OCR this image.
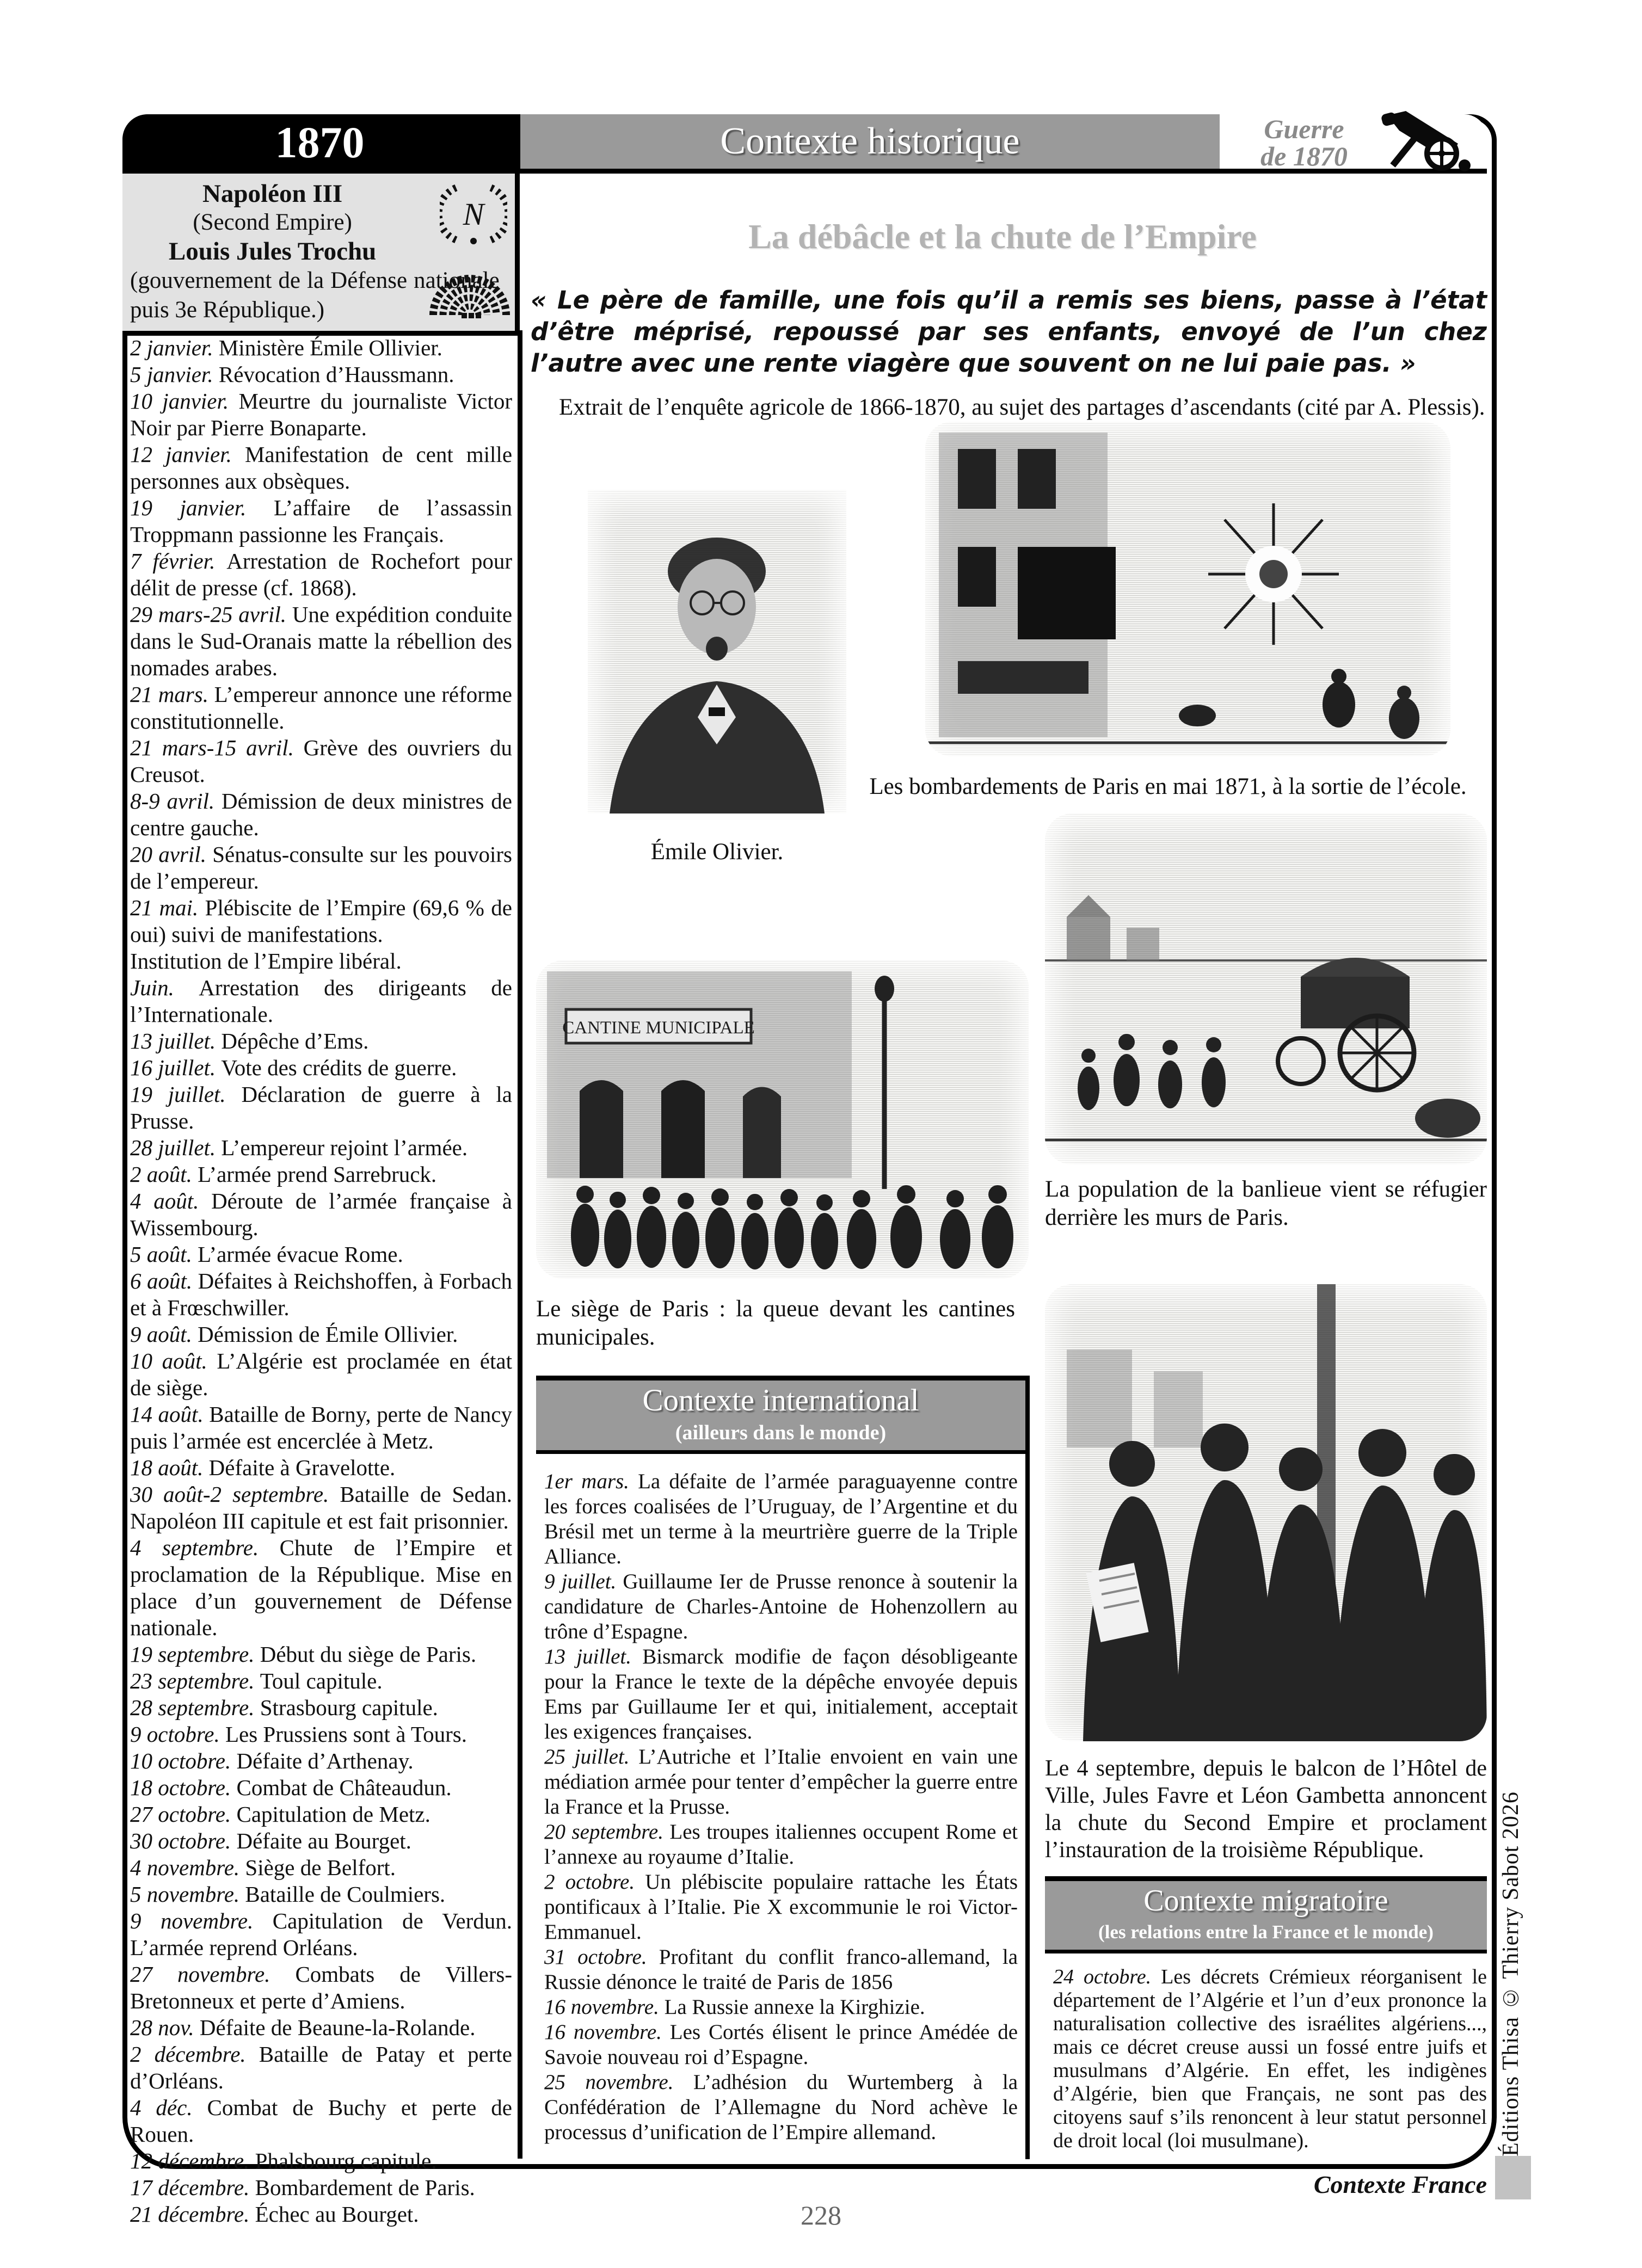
1870	Contexte historique	Guerre
de 1870
Napoléon III
(Second Empire)
Louis Jules Trochu
(gouvernement de la Défense nationale puis 3e République.)
N

2 janvier. Ministère Émile Ollivier.

5 janvier. Révocation d’Haussmann.

10 janvier. Meurtre du journaliste Victor Noir par Pierre Bonaparte.

12 janvier. Manifestation de cent mille personnes aux obsèques.

19 janvier. L’affaire de l’assassin Troppmann passionne les Français.

7 février. Arrestation de Rochefort pour délit de presse (cf. 1868).

29 mars-25 avril. Une expédition conduite dans le Sud-Oranais matte la rébellion des nomades arabes.

21 mars. L’empereur annonce une réforme constitutionnelle.

21 mars-15 avril. Grève des ouvriers du Creusot.

8-9 avril. Démission de deux ministres de centre gauche.

20 avril. Sénatus-consulte sur les pouvoirs de l’empereur.

21 mai. Plébiscite de l’Empire (69,6 % de oui) suivi de manifestations.

Institution de l’Empire libéral.

Juin. Arrestation des dirigeants de l’Internationale.

13 juillet. Dépêche d’Ems.

16 juillet. Vote des crédits de guerre.

19 juillet. Déclaration de guerre à la Prusse.

28 juillet. L’empereur rejoint l’armée.

2 août. L’armée prend Sarrebruck.

4 août. Déroute de l’armée française à Wissembourg.

5 août. L’armée évacue Rome.

6 août. Défaites à Reichshoffen, à Forbach et à Frœschwiller.

9 août. Démission de Émile Ollivier.

10 août. L’Algérie est proclamée en état de siège.

14 août. Bataille de Borny, perte de Nancy puis l’armée est encerclée à Metz.

18 août. Défaite à Gravelotte.

30 août-2 septembre. Bataille de Sedan. Napoléon III capitule et est fait prisonnier.

4 septembre. Chute de l’Empire et proclamation de la République. Mise en place d’un gouvernement de Défense nationale.

19 septembre. Début du siège de Paris.

23 septembre. Toul capitule.

28 septembre. Strasbourg capitule.

9 octobre. Les Prussiens sont à Tours.

10 octobre. Défaite d’Arthenay.

18 octobre. Combat de Châteaudun.

27 octobre. Capitulation de Metz.

30 octobre. Défaite au Bourget.

4 novembre. Siège de Belfort.

5 novembre. Bataille de Coulmiers.

9 novembre. Capitulation de Verdun. L’armée reprend Orléans.

27 novembre. Combats de Villers-Bretonneux et perte d’Amiens.

28 nov. Défaite de Beaune-la-Rolande.

2 décembre. Bataille de Patay et perte d’Orléans.

4 déc. Combat de Buchy et perte de Rouen.

12 décembre. Phalsbourg capitule.

17 décembre. Bombardement de Paris.

21 décembre. Échec au Bourget.

La débâcle et la chute de l’Empire
« Le père de famille, une fois qu’il a remis ses biens, passe à l’état d’être méprisé, repoussé par ses enfants, envoyé de l’un chez l’autre avec une rente viagère que souvent on ne lui paie pas. »
Extrait de l’enquête agricole de 1866-1870, au sujet des partages d’ascendants (cité par A. Plessis).
Émile Olivier.
Les bombardements de Paris en mai 1871, à la sortie de l’école.
La population de la banlieue vient se réfugier derrière les murs de Paris.
CANTINE MUNICIPALE
Le siège de Paris : la queue devant les cantines municipales.
Contexte international
(ailleurs dans le monde)

1er mars. La défaite de l’armée paraguayenne contre les forces coalisées de l’Uruguay, de l’Argentine et du Brésil met un terme à la meurtrière guerre de la Triple Alliance.

9 juillet. Guillaume Ier de Prusse renonce à soutenir la candidature de Charles-Antoine de Hohenzollern au trône d’Espagne.

13 juillet. Bismarck modifie de façon désobligeante pour la France le texte de la dépêche envoyée depuis Ems par Guillaume Ier et qui, initialement, acceptait les exigences françaises.

25 juillet. L’Autriche et l’Italie envoient en vain une médiation armée pour tenter d’empêcher la guerre entre la France et la Prusse.

20 septembre. Les troupes italiennes occupent Rome et l’annexe au royaume d’Italie.

2 octobre. Un plébiscite populaire rattache les États pontificaux à l’Italie. Pie X excommunie le roi Victor-Emmanuel.

31 octobre. Profitant du conflit franco-allemand, la Russie dénonce le traité de Paris de 1856

16 novembre. La Russie annexe la Kirghizie.

16 novembre. Les Cortés élisent le prince Amédée de Savoie nouveau roi d’Espagne.

25 novembre. L’adhésion du Wurtemberg à la Confédération de l’Allemagne du Nord achève le processus d’unification de l’Empire allemand.

Le 4 septembre, depuis le balcon de l’Hôtel de Ville, Jules Favre et Léon Gambetta annoncent la chute du Second Empire et proclament l’instauration de la troisième République.
Contexte migratoire
(les relations entre la France et le monde)

24 octobre. Les décrets Crémieux réorganisent le département de l’Algérie et l’un d’eux prononce la naturalisation collective des israélites algériens..., mais ce décret creuse aussi un fossé entre juifs et musulmans d’Algérie. En effet, les indigènes d’Algérie, bien que Français, ne sont pas des citoyens sauf s’ils renoncent à leur statut personnel de droit local (loi musulmane).

Contexte France
Éditions Thisa © Thierry Sabot 2026
228
